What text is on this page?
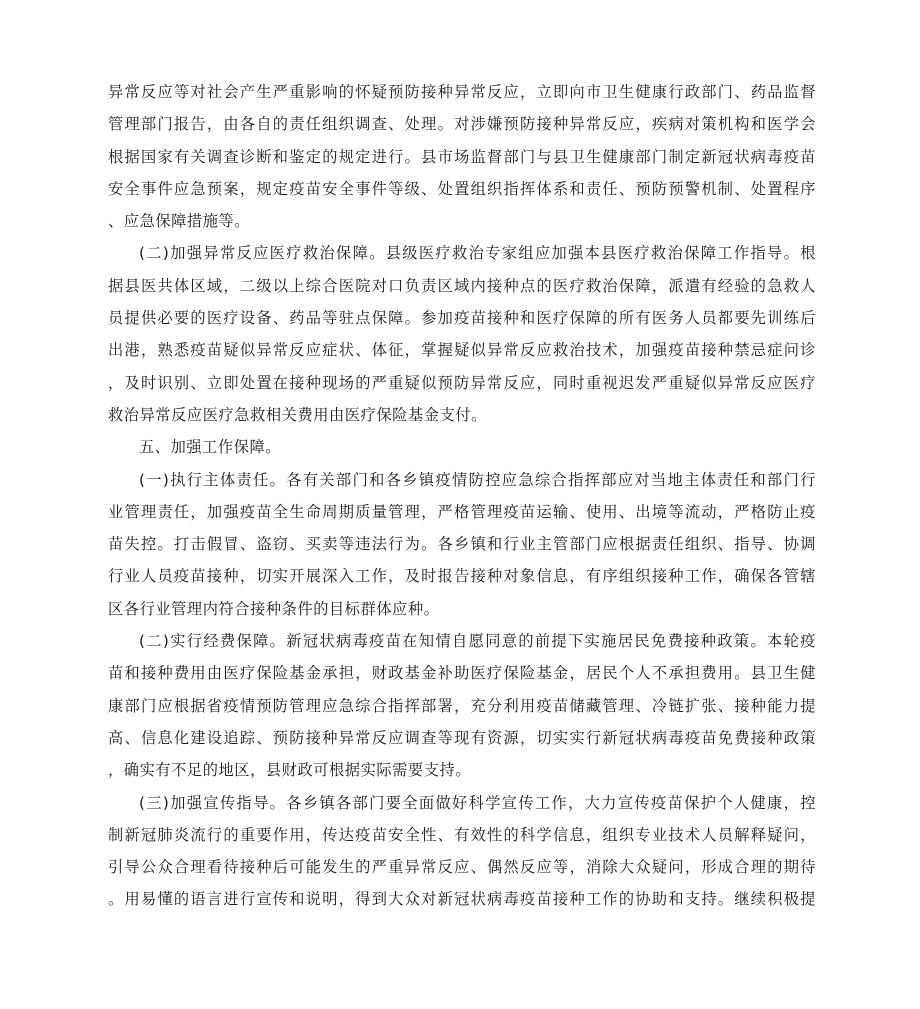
异常反应等对社会产生严重影响的怀疑预防接种异常反应，立即向市卫生健康行政部门、药品监督
管理部门报告，由各自的责任组织调查、处理。对涉嫌预防接种异常反应，疾病对策机构和医学会
根据国家有关调查诊断和鉴定的规定进行。县市场监督部门与县卫生健康部门制定新冠状病毒疫苗
安全事件应急预案，规定疫苗安全事件等级、处置组织指挥体系和责任、预防预警机制、处置程序
、应急保障措施等。
(二)加强异常反应医疗救治保障。县级医疗救治专家组应加强本县医疗救治保障工作指导。根
据县医共体区域，二级以上综合医院对口负责区域内接种点的医疗救治保障，派遣有经验的急救人
员提供必要的医疗设备、药品等驻点保障。参加疫苗接种和医疗保障的所有医务人员都要先训练后
出港，熟悉疫苗疑似异常反应症状、体征，掌握疑似异常反应救治技术，加强疫苗接种禁忌症问诊
，及时识别、立即处置在接种现场的严重疑似预防异常反应，同时重视迟发严重疑似异常反应医疗
救治异常反应医疗急救相关费用由医疗保险基金支付。
五、加强工作保障。
(一)执行主体责任。各有关部门和各乡镇疫情防控应急综合指挥部应对当地主体责任和部门行
业管理责任，加强疫苗全生命周期质量管理，严格管理疫苗运输、使用、出境等流动，严格防止疫
苗失控。打击假冒、盗窃、买卖等违法行为。各乡镇和行业主管部门应根据责任组织、指导、协调
行业人员疫苗接种，切实开展深入工作，及时报告接种对象信息，有序组织接种工作，确保各管辖
区各行业管理内符合接种条件的目标群体应种。
(二)实行经费保障。新冠状病毒疫苗在知情自愿同意的前提下实施居民免费接种政策。本轮疫
苗和接种费用由医疗保险基金承担，财政基金补助医疗保险基金，居民个人不承担费用。县卫生健
康部门应根据省疫情预防管理应急综合指挥部署，充分利用疫苗储藏管理、冷链扩张、接种能力提
高、信息化建设追踪、预防接种异常反应调查等现有资源，切实实行新冠状病毒疫苗免费接种政策
，确实有不足的地区，县财政可根据实际需要支持。
(三)加强宣传指导。各乡镇各部门要全面做好科学宣传工作，大力宣传疫苗保护个人健康，控
制新冠肺炎流行的重要作用，传达疫苗安全性、有效性的科学信息，组织专业技术人员解释疑问，
引导公众合理看待接种后可能发生的严重异常反应、偶然反应等，消除大众疑问，形成合理的期待
。用易懂的语言进行宣传和说明，得到大众对新冠状病毒疫苗接种工作的协助和支持。继续积极提
